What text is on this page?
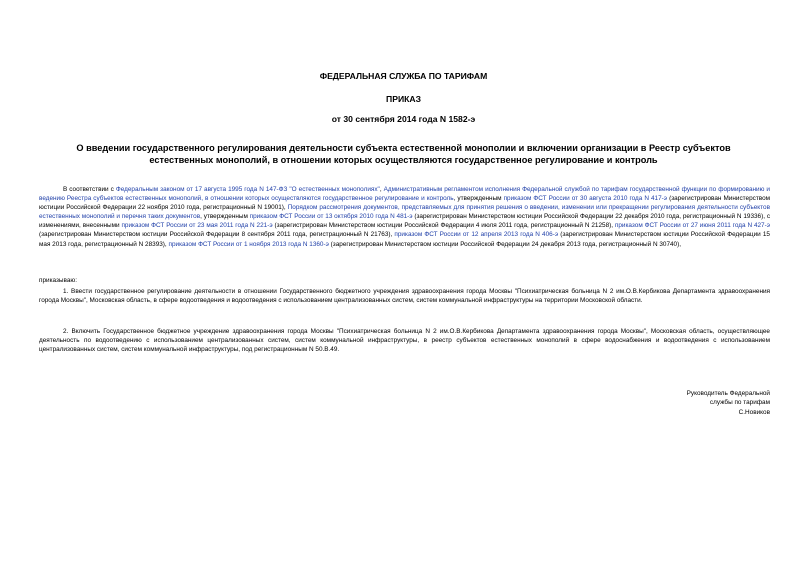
ФЕДЕРАЛЬНАЯ СЛУЖБА ПО ТАРИФАМ
ПРИКАЗ
от 30 сентября 2014 года N 1582-э
О введении государственного регулирования деятельности субъекта естественной монополии и включении организации в Реестр субъектов естественных монополий, в отношении которых осуществляются государственное регулирование и контроль

В соответствии с Федеральным законом от 17 августа 1995 года N 147-ФЗ "О естественных монополиях", Административным регламентом исполнения Федеральной службой по тарифам государственной функции по формированию и ведению Реестра субъектов естественных монополий, в отношении которых осуществляются государственное регулирование и контроль, утвержденным приказом ФСТ России от 30 августа 2010 года N 417-э (зарегистрирован Министерством юстиции Российской Федерации 22 ноября 2010 года, регистрационный N 19001), Порядком рассмотрения документов, представляемых для принятия решения о введении, изменении или прекращении регулирования деятельности субъектов естественных монополий и перечня таких документов, утвержденным приказом ФСТ России от 13 октября 2010 года N 481-э (зарегистрирован Министерством юстиции Российской Федерации 22 декабря 2010 года, регистрационный N 19336), с изменениями, внесенными приказом ФСТ России от 23 мая 2011 года N 221-э (зарегистрирован Министерством юстиции Российской Федерации 4 июля 2011 года, регистрационный N 21258), приказом ФСТ России от 27 июня 2011 года N 427-э (зарегистрирован Министерством юстиции Российской Федерации 8 сентября 2011 года, регистрационный N 21763), приказом ФСТ России от 12 апреля 2013 года N 406-э (зарегистрирован Министерством юстиции Российской Федерации 15 мая 2013 года, регистрационный N 28393), приказом ФСТ России от 1 ноября 2013 года N 1360-э (зарегистрирован Министерством юстиции Российской Федерации 24 декабря 2013 года, регистрационный N 30740),

приказываю:

1. Ввести государственное регулирование деятельности в отношении Государственного бюджетного учреждения здравоохранения города Москвы "Психиатрическая больница N 2 им.О.В.Кербикова Департамента здравоохранения города Москвы", Московская область, в сфере водоотведения и водоотведения с использованием централизованных систем, систем коммунальной инфраструктуры на территории Московской области.

2. Включить Государственное бюджетное учреждение здравоохранения города Москвы "Психиатрическая больница N 2 им.О.В.Кербикова Департамента здравоохранения города Москвы", Московская область, осуществляющее деятельность по водоотведению с использованием централизованных систем, систем коммунальной инфраструктуры, в реестр субъектов естественных монополий в сфере водоснабжения и водоотведения с использованием централизованных систем, систем коммунальной инфраструктуры, под регистрационным N 50.В.49.

Руководитель Федеральной
службы по тарифам
С.Новиков
